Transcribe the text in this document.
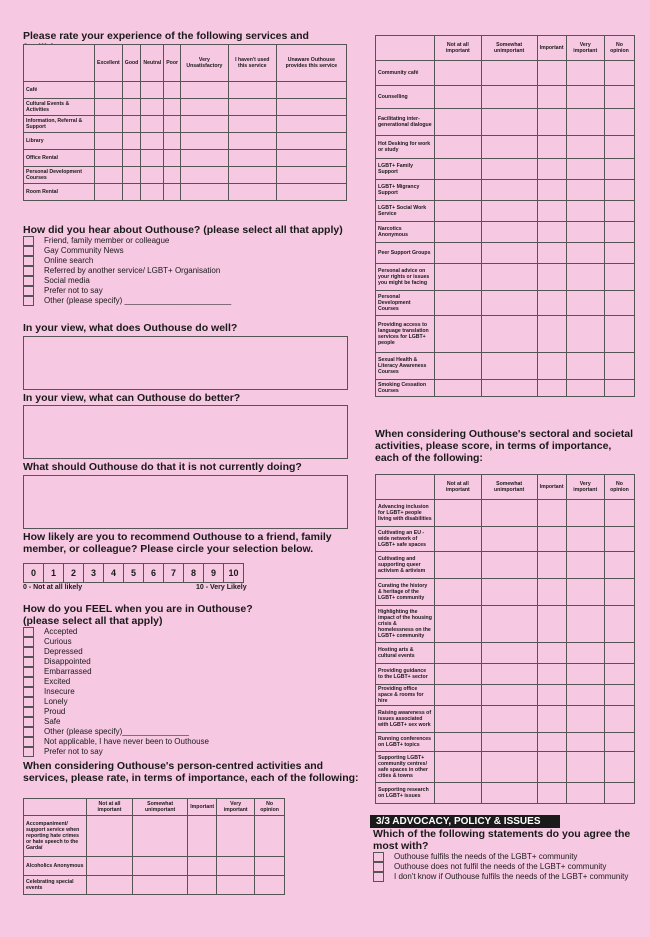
Please rate your experience of the following services and
	Excellent	Good	Neutral	Poor	Very Unsatisfactory	I haven't used this service	Unaware Outhouse provides this service
Café							
Cultural Events & Activities							
Information, Referral & Support							
Library							
Office Rental							
Personal Development Courses							
Room Rental							
How did you hear about Outhouse? (please select all that apply)
Friend, family member or colleague
Gay Community News
Online search
Referred by another service/ LGBT+ Organisation
Social media
Prefer not to say
Other (please specify) ________________________
In your view, what does Outhouse do well?
In your view, what can Outhouse do better?
What should Outhouse do that it is not currently doing?
How likely are you to recommend Outhouse to a friend, family member, or colleague? Please circle your selection below.
0	1	2	3	4	5	6	7	8	9	10
0 - Not at all likely	10 - Very Likely
How do you FEEL when you are in Outhouse? (please select all that apply)
Accepted
Curious
Depressed
Disappointed
Embarrassed
Excited
Insecure
Lonely
Proud
Safe
Other (please specify)_______________
Not applicable, I have never been to Outhouse
Prefer not to say
When considering Outhouse's person-centred activities and services, please rate, in terms of importance, each of the following:
	Not at all important	Somewhat unimportant	Important	Very important	No opinion
Accompaniment/ support service when reporting hate crimes or hate speech to the Gardaí					
Alcoholics Anonymous					
Celebrating special events					
	Not at all important	Somewhat unimportant	Important	Very important	No opinion
Community café					
Counselling					
Facilitating inter- generational dialogue					
Hot Desking for work or study					
LGBT+ Family Support					
LGBT+ Migrancy Support					
LGBT+ Social Work Service					
Narcotics Anonymous					
Peer Support Groups					
Personal advice on your rights or issues you might be facing					
Personal Development Courses					
Providing access to language translation services for LGBT+ people					
Sexual Health & Literacy Awareness Courses					
Smoking Cessation Courses					
When considering Outhouse's sectoral and societal activities, please score, in terms of importance, each of the following:
	Not at all important	Somewhat unimportant	Important	Very important	No opinion
Advancing inclusion for LGBT+ people living with disabilities					
Cultivating an EU - wide network of LGBT+ safe spaces					
Cultivating and supporting queer activism & artivism					
Curating the history & heritage of the LGBT+ community					
Highlighting the impact of the housing crisis & homelessness on the LGBT+ community					
Hosting arts & cultural events					
Providing guidance to the LGBT+ sector					
Providing office space & rooms for hire					
Raising awareness of issues associated with LGBT+ sex work					
Running conferences on LGBT+ topics					
Supporting LGBT+ community centres/ safe spaces in other cities & towns					
Supporting research on LGBT+ issues					
3/3 ADVOCACY, POLICY & ISSUES
Which of the following statements do you agree the most with?
Outhouse fulfils the needs of the LGBT+ community
Outhouse does not fulfil the needs of the LGBT+ community
I don't know if Outhouse fulfils the needs of the LGBT+ community
